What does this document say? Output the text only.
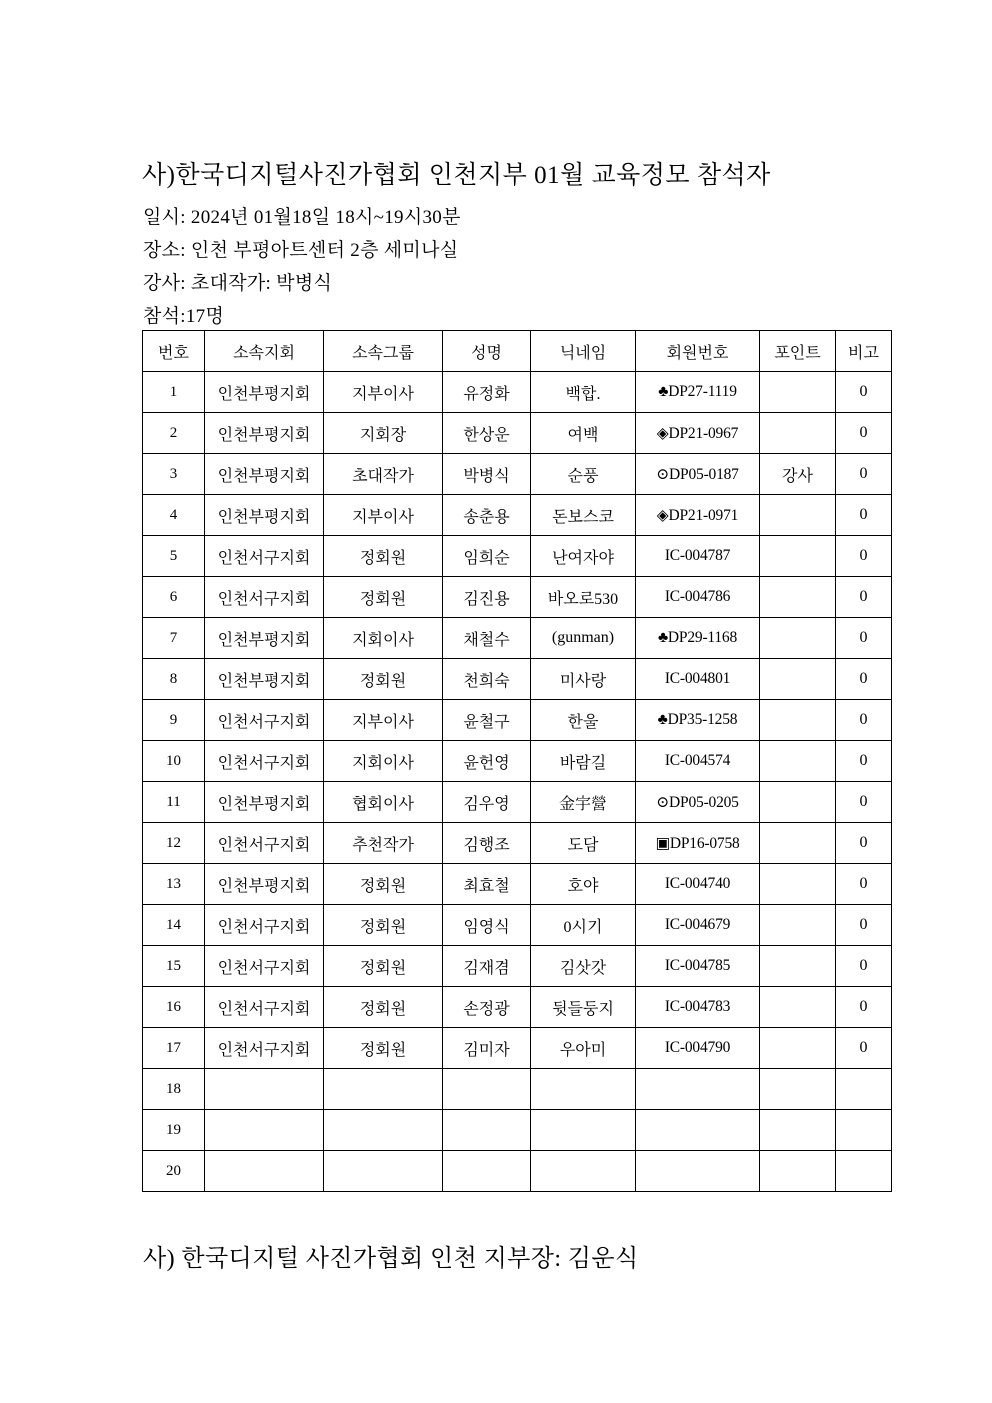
사)한국디지털사진가협회 인천지부 01월 교육정모 참석자
일시: 2024년 01월18일 18시~19시30분
장소: 인천 부평아트센터 2층 세미나실
강사: 초대작가: 박병식
참석:17명
번호	소속지회	소속그룹	성명	닉네임	회원번호	포인트	비고
1	인천부평지회	지부이사	유정화	백합.	♣DP27-1119		0
2	인천부평지회	지회장	한상운	여백	◈DP21-0967		0
3	인천부평지회	초대작가	박병식	순풍	⊙DP05-0187	강사	0
4	인천부평지회	지부이사	송춘용	돈보스코	◈DP21-0971		0
5	인천서구지회	정회원	임희순	난여자야	IC-004787		0
6	인천서구지회	정회원	김진용	바오로530	IC-004786		0
7	인천부평지회	지회이사	채철수	(gunman)	♣DP29-1168		0
8	인천부평지회	정회원	천희숙	미사랑	IC-004801		0
9	인천서구지회	지부이사	윤철구	한울	♣DP35-1258		0
10	인천서구지회	지회이사	윤헌영	바람길	IC-004574		0
11	인천부평지회	협회이사	김우영	金宇營	⊙DP05-0205		0
12	인천서구지회	추천작가	김행조	도담	▣DP16-0758		0
13	인천부평지회	정회원	최효철	호야	IC-004740		0
14	인천서구지회	정회원	임영식	0시기	IC-004679		0
15	인천서구지회	정회원	김재겸	김삿갓	IC-004785		0
16	인천서구지회	정회원	손정광	뒷들둥지	IC-004783		0
17	인천서구지회	정회원	김미자	우아미	IC-004790		0
18							
19							
20							
사) 한국디지털 사진가협회 인천 지부장: 김운식
